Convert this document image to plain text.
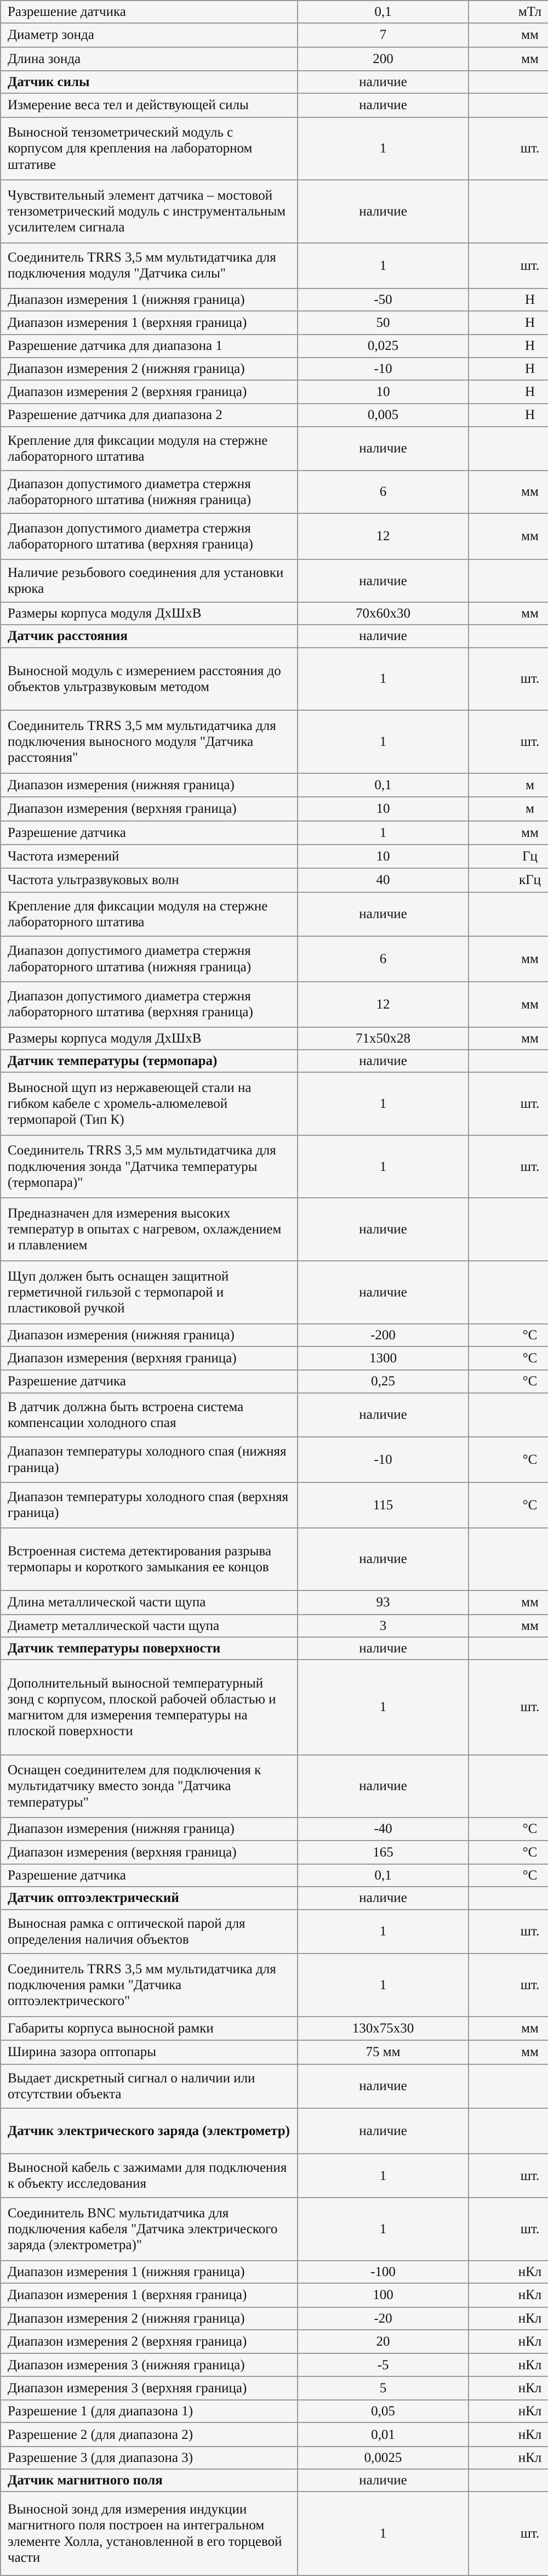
Разрешение датчика	0,1	мТл
Диаметр зонда	7	мм
Длина зонда	200	мм
Датчик силы	наличие	
Измерение веса тел и действующей силы	наличие	
Выносной тензометрический модуль с корпусом для крепления на лабораторном штативе	1	шт.
Чувствительный элемент датчика – мостовой тензометрический модуль с инструментальным усилителем сигнала	наличие	
Соединитель TRRS 3,5 мм мультидатчика для подключения модуля "Датчика силы"	1	шт.
Диапазон измерения 1 (нижняя граница)	-50	Н
Диапазон измерения 1 (верхняя граница)	50	Н
Разрешение датчика для диапазона 1	0,025	Н
Диапазон измерения 2 (нижняя граница)	-10	Н
Диапазон измерения 2 (верхняя граница)	10	Н
Разрешение датчика для диапазона 2	0,005	Н
Крепление для фиксации модуля на стержне лабораторного штатива	наличие	
Диапазон допустимого диаметра стержня лабораторного штатива (нижняя граница)	6	мм
Диапазон допустимого диаметра стержня лабораторного штатива (верхняя граница)	12	мм
Наличие резьбового соединения для установки крюка	наличие	
Размеры корпуса модуля ДхШхВ	70x60x30	мм
Датчик расстояния	наличие	
Выносной модуль с измерением расстояния до объектов ультразвуковым методом	1	шт.
Соединитель TRRS 3,5 мм мультидатчика для подключения выносного модуля "Датчика расстояния"	1	шт.
Диапазон измерения (нижняя граница)	0,1	м
Диапазон измерения (верхняя граница)	10	м
Разрешение датчика	1	мм
Частота измерений	10	Гц
Частота ультразвуковых волн	40	кГц
Крепление для фиксации модуля на стержне лабораторного штатива	наличие	
Диапазон допустимого диаметра стержня лабораторного штатива (нижняя граница)	6	мм
Диапазон допустимого диаметра стержня лабораторного штатива (верхняя граница)	12	мм
Размеры корпуса модуля ДхШхВ	71x50x28	мм
Датчик температуры (термопара)	наличие	
Выносной щуп из нержавеющей стали на гибком кабеле с хромель-алюмелевой термопарой (Тип К)	1	шт.
Соединитель TRRS 3,5 мм мультидатчика для подключения зонда "Датчика температуры (термопара)"	1	шт.
Предназначен для измерения высоких температур в опытах с нагревом, охлаждением и плавлением	наличие	
Щуп должен быть оснащен защитной герметичной гильзой с термопарой и пластиковой ручкой	наличие	
Диапазон измерения (нижняя граница)	-200	°C
Диапазон измерения (верхняя граница)	1300	°C
Разрешение датчика	0,25	°C
В датчик должна быть встроена система компенсации холодного спая	наличие	
Диапазон температуры холодного спая (нижняя граница)	-10	°C
Диапазон температуры холодного спая (верхняя граница)	115	°C
Встроенная система детектирования разрыва термопары и короткого замыкания ее концов	наличие	
Длина металлической части щупа	93	мм
Диаметр металлической части щупа	3	мм
Датчик температуры поверхности	наличие	
Дополнительный выносной температурный зонд с корпусом, плоской рабочей областью и магнитом для измерения температуры на плоской поверхности	1	шт.
Оснащен соединителем для подключения к мультидатчику вместо зонда "Датчика температуры"	наличие	
Диапазон измерения (нижняя граница)	-40	°C
Диапазон измерения (верхняя граница)	165	°C
Разрешение датчика	0,1	°C
Датчик оптоэлектрический	наличие	
Выносная рамка с оптической парой для определения наличия объектов	1	шт.
Соединитель TRRS 3,5 мм мультидатчика для подключения рамки "Датчика оптоэлектрического"	1	шт.
Габариты корпуса выносной рамки	130x75x30	мм
Ширина зазора оптопары	75 мм	мм
Выдает дискретный сигнал о наличии или отсутствии объекта	наличие	
Датчик электрического заряда (электрометр)	наличие	
Выносной кабель с зажимами для подключения к объекту исследования	1	шт.
Соединитель BNC мультидатчика для подключения кабеля "Датчика электрического заряда (электрометра)"	1	шт.
Диапазон измерения 1 (нижняя граница)	-100	нКл
Диапазон измерения 1 (верхняя граница)	100	нКл
Диапазон измерения 2 (нижняя граница)	-20	нКл
Диапазон измерения 2 (верхняя граница)	20	нКл
Диапазон измерения 3 (нижняя граница)	-5	нКл
Диапазон измерения 3 (верхняя граница)	5	нКл
Разрешение 1 (для диапазона 1)	0,05	нКл
Разрешение 2 (для диапазона 2)	0,01	нКл
Разрешение 3 (для диапазона 3)	0,0025	нКл
Датчик магнитного поля	наличие	
Выносной зонд для измерения индукции магнитного поля построен на интегральном элементе Холла, установленной в его торцевой части	1	шт.
